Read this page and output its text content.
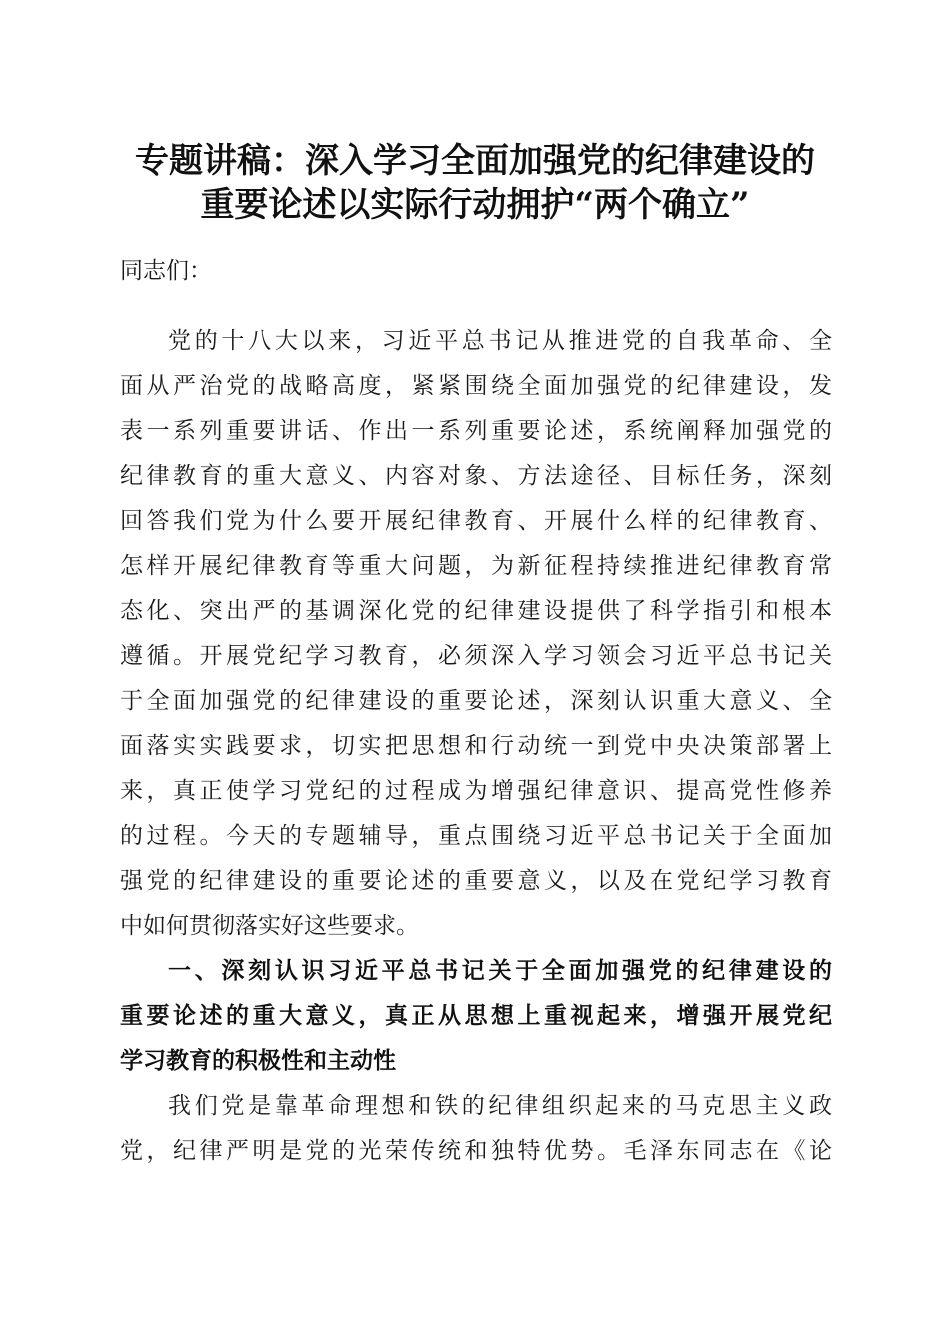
专题讲稿：深入学习全面加强党的纪律建设的
重要论述以实际行动拥护“两个确立”
同志们：
党的十八大以来，习近平总书记从推进党的自我革命、全
面从严治党的战略高度，紧紧围绕全面加强党的纪律建设，发
表一系列重要讲话、作出一系列重要论述，系统阐释加强党的
纪律教育的重大意义、内容对象、方法途径、目标任务，深刻
回答我们党为什么要开展纪律教育、开展什么样的纪律教育、
怎样开展纪律教育等重大问题，为新征程持续推进纪律教育常
态化、突出严的基调深化党的纪律建设提供了科学指引和根本
遵循。开展党纪学习教育，必须深入学习领会习近平总书记关
于全面加强党的纪律建设的重要论述，深刻认识重大意义、全
面落实实践要求，切实把思想和行动统一到党中央决策部署上
来，真正使学习党纪的过程成为增强纪律意识、提高党性修养
的过程。今天的专题辅导，重点围绕习近平总书记关于全面加
强党的纪律建设的重要论述的重要意义，以及在党纪学习教育
中如何贯彻落实好这些要求。
一、深刻认识习近平总书记关于全面加强党的纪律建设的
重要论述的重大意义，真正从思想上重视起来，增强开展党纪
学习教育的积极性和主动性
我们党是靠革命理想和铁的纪律组织起来的马克思主义政
党，纪律严明是党的光荣传统和独特优势。毛泽东同志在《论
